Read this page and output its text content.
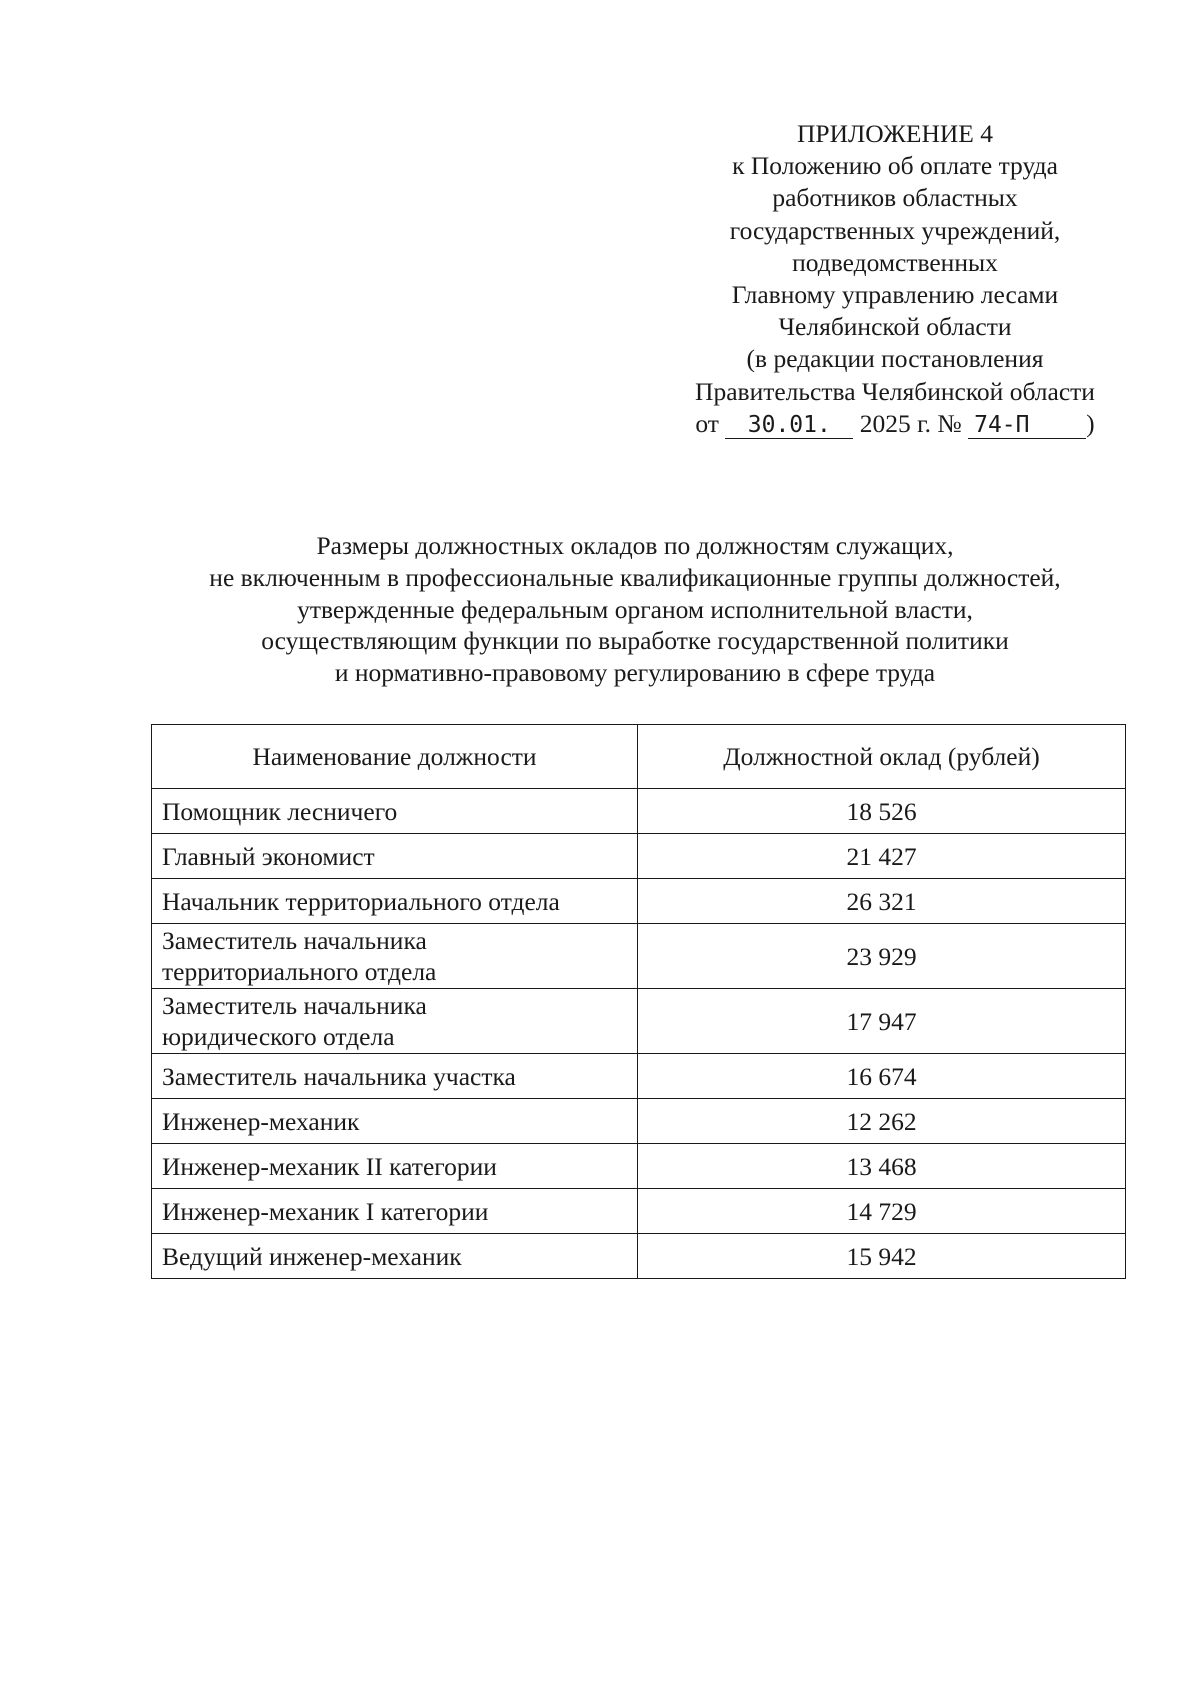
ПРИЛОЖЕНИЕ 4
к Положению об оплате труда
работников областных
государственных учреждений,
подведомственных
Главному управлению лесами
Челябинской области
(в редакции постановления
Правительства Челябинской области
от 30.01. 2025 г. № 74-П )
Размеры должностных окладов по должностям служащих,
не включенным в профессиональные квалификационные группы должностей,
утвержденные федеральным органом исполнительной власти,
осуществляющим функции по выработке государственной политики
и нормативно-правовому регулированию в сфере труда
Наименование должности	Должностной оклад (рублей)
Помощник лесничего	18 526
Главный экономист	21 427
Начальник территориального отдела	26 321
Заместитель начальника
территориального отдела	23 929
Заместитель начальника
юридического отдела	17 947
Заместитель начальника участка	16 674
Инженер-механик	12 262
Инженер-механик II категории	13 468
Инженер-механик I категории	14 729
Ведущий инженер-механик	15 942
